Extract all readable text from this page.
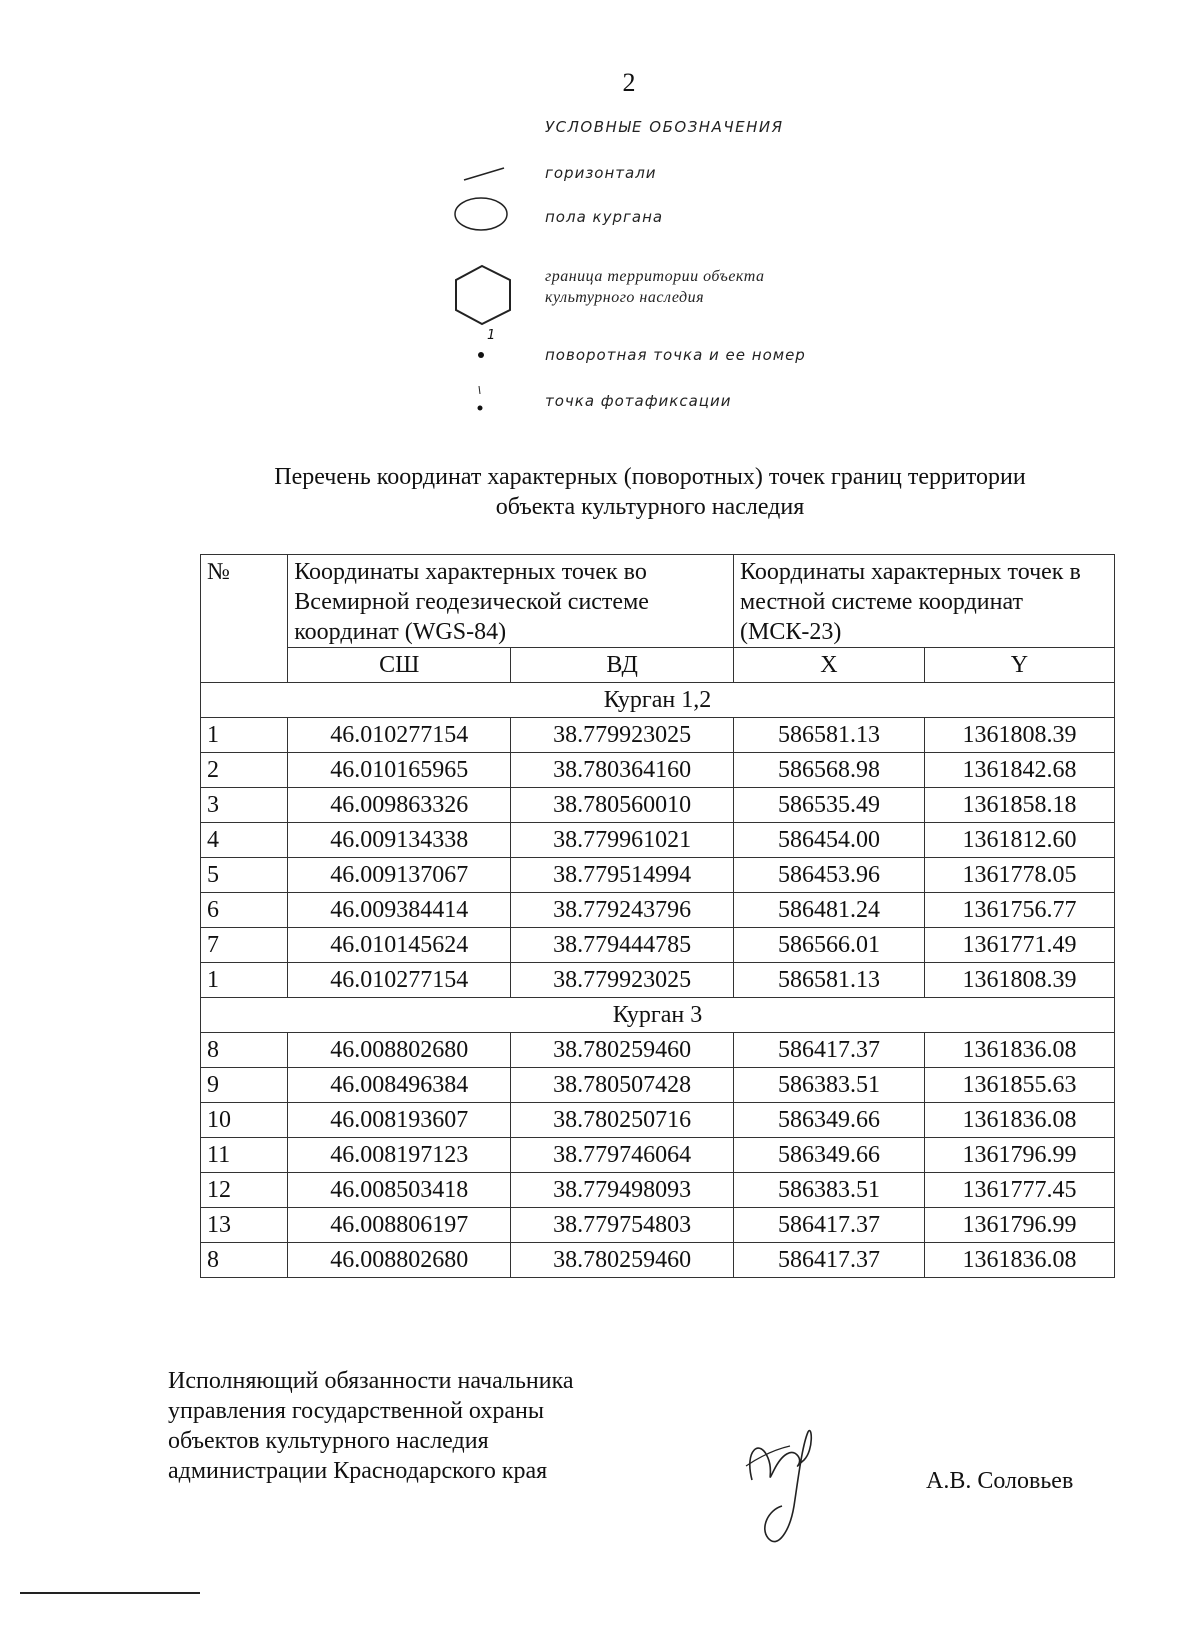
2
УСЛОВНЫЕ ОБОЗНАЧЕНИЯ
горизонтали
пола кургана
1
граница территории объекта культурного наследия
поворотная точка и ее номер
точка фотафиксации
Перечень координат характерных (поворотных) точек границ территории
объекта культурного наследия
№	Координаты характерных точек во Всемирной геодезической системе координат (WGS-84)		Координаты характерных точек в местной системе координат (МСК-23)	
	СШ	ВД	X	Y
Курган 1,2				
1	46.010277154	38.779923025	586581.13	1361808.39
2	46.010165965	38.780364160	586568.98	1361842.68
3	46.009863326	38.780560010	586535.49	1361858.18
4	46.009134338	38.779961021	586454.00	1361812.60
5	46.009137067	38.779514994	586453.96	1361778.05
6	46.009384414	38.779243796	586481.24	1361756.77
7	46.010145624	38.779444785	586566.01	1361771.49
1	46.010277154	38.779923025	586581.13	1361808.39
Курган 3				
8	46.008802680	38.780259460	586417.37	1361836.08
9	46.008496384	38.780507428	586383.51	1361855.63
10	46.008193607	38.780250716	586349.66	1361836.08
11	46.008197123	38.779746064	586349.66	1361796.99
12	46.008503418	38.779498093	586383.51	1361777.45
13	46.008806197	38.779754803	586417.37	1361796.99
8	46.008802680	38.780259460	586417.37	1361836.08
Исполняющий обязанности начальника
управления государственной охраны
объектов культурного наследия
администрации Краснодарского края	А.В. Соловьев
